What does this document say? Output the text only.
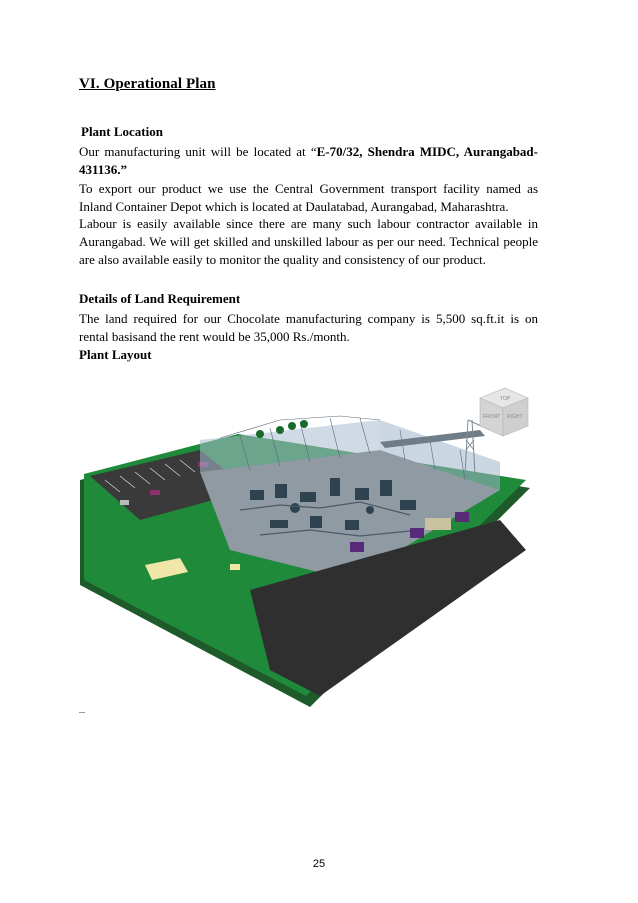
VI. Operational Plan
Plant Location

Our manufacturing unit will be located at “E-70/32, Shendra MIDC, Aurangabad-431136.”

To export our product we use the Central Government transport facility named as Inland Container Depot which is located at Daulatabad, Aurangabad, Maharashtra.

Labour is easily available since there are many such labour contractor available in Aurangabad. We will get skilled and unskilled labour as per our need. Technical people are also available easily to monitor the quality and consistency of our product.

Details of Land Requirement

The land required for our Chocolate manufacturing company is 5,500 sq.ft.it is on rental basisand the rent would be 35,000 Rs./month.

Plant Layout
TOP
FRONT RIGHT
25
